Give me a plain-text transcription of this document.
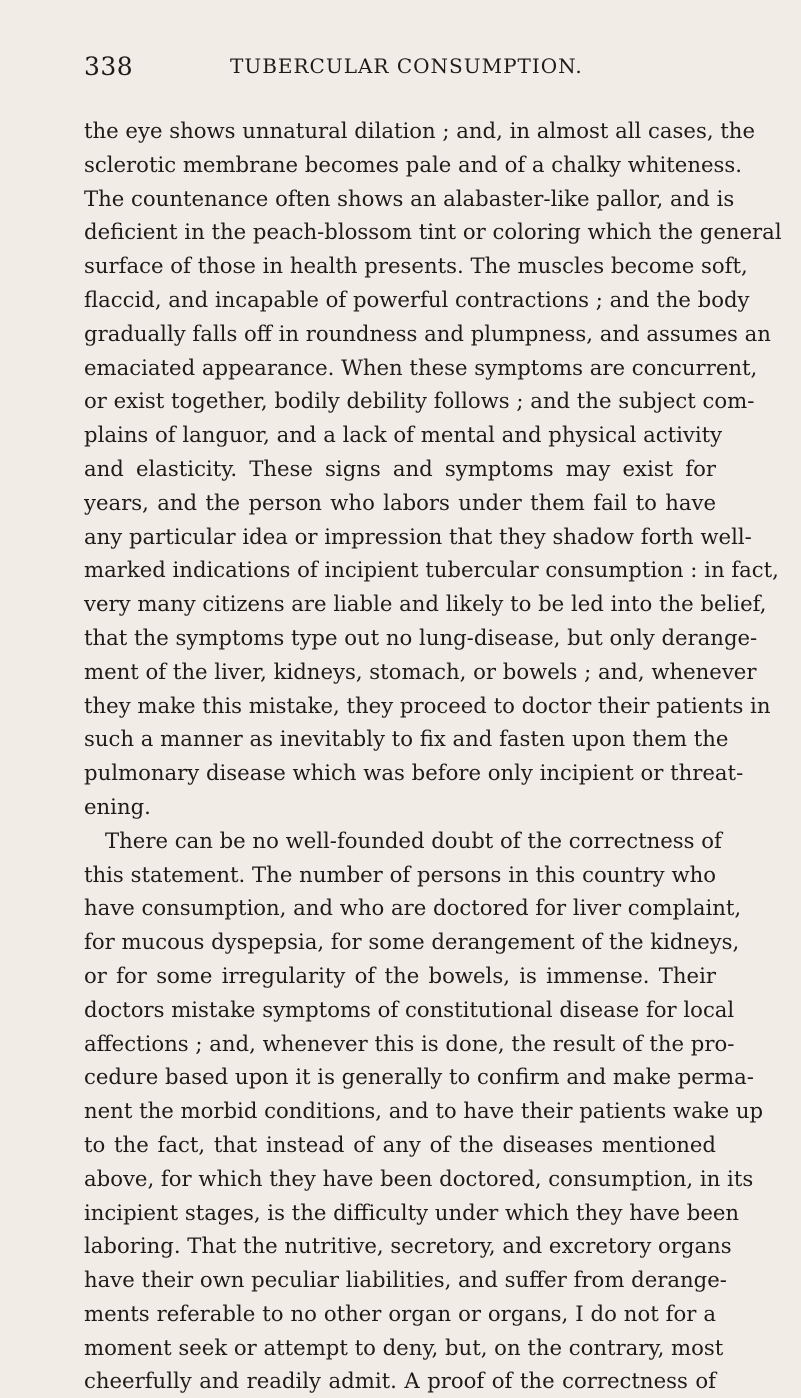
338	TUBERCULAR CONSUMPTION.
the eye shows unnatural dilation ; and, in almost all cases, the
sclerotic membrane becomes pale and of a chalky whiteness.
The countenance often shows an alabaster-like pallor, and is
deficient in the peach-blossom tint or coloring which the general
surface of those in health presents. The muscles become soft,
flaccid, and incapable of powerful contractions ; and the body
gradually falls off in roundness and plumpness, and assumes an
emaciated appearance. When these symptoms are concurrent,
or exist together, bodily debility follows ; and the subject com-
plains of languor, and a lack of mental and physical activity
and elasticity. These signs and symptoms may exist for
years, and the person who labors under them fail to have
any particular idea or impression that they shadow forth well-
marked indications of incipient tubercular consumption : in fact,
very many citizens are liable and likely to be led into the belief,
that the symptoms type out no lung-disease, but only derange-
ment of the liver, kidneys, stomach, or bowels ; and, whenever
they make this mistake, they proceed to doctor their patients in
such a manner as inevitably to fix and fasten upon them the
pulmonary disease which was before only incipient or threat-
ening.
There can be no well-founded doubt of the correctness of
this statement. The number of persons in this country who
have consumption, and who are doctored for liver complaint,
for mucous dyspepsia, for some derangement of the kidneys,
or for some irregularity of the bowels, is immense. Their
doctors mistake symptoms of constitutional disease for local
affections ; and, whenever this is done, the result of the pro-
cedure based upon it is generally to confirm and make perma-
nent the morbid conditions, and to have their patients wake up
to the fact, that instead of any of the diseases mentioned
above, for which they have been doctored, consumption, in its
incipient stages, is the difficulty under which they have been
laboring. That the nutritive, secretory, and excretory organs
have their own peculiar liabilities, and suffer from derange-
ments referable to no other organ or organs, I do not for a
moment seek or attempt to deny, but, on the contrary, most
cheerfully and readily admit. A proof of the correctness of
